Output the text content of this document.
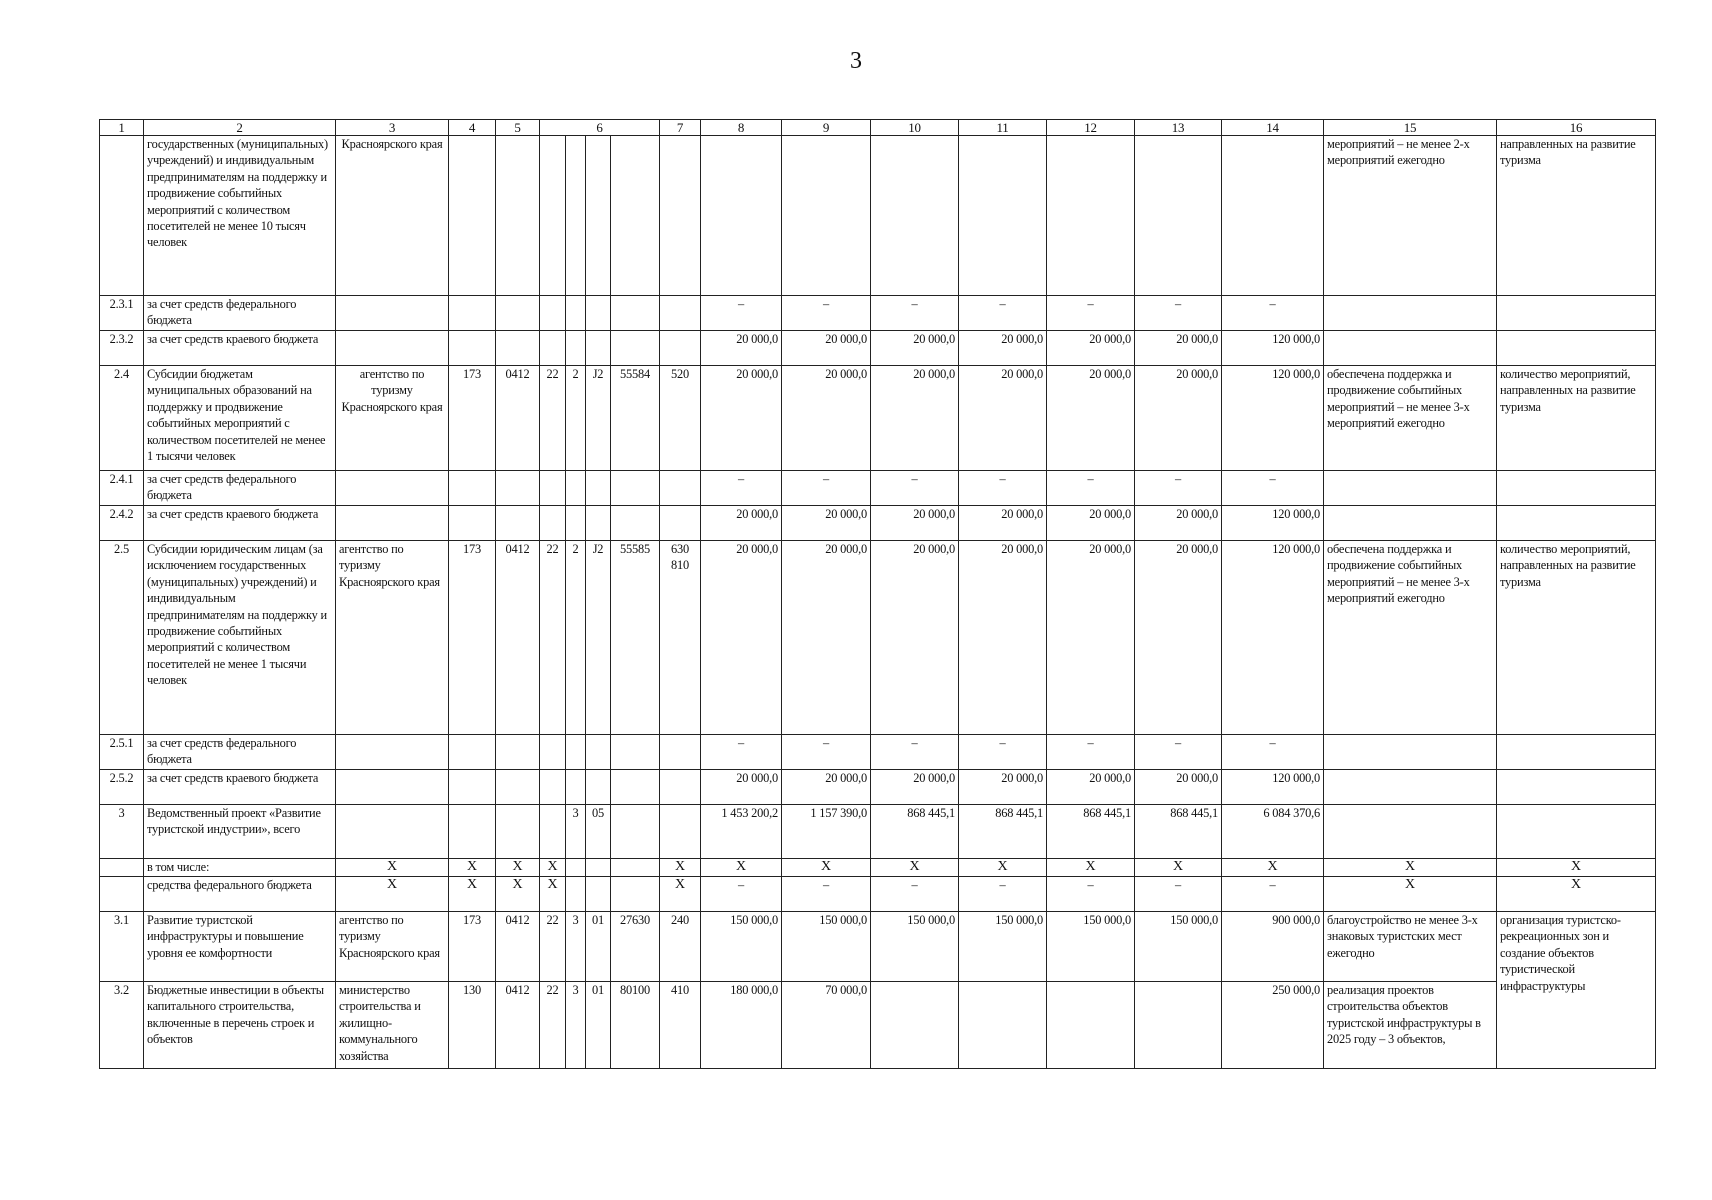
3
1	2	3	4	5	6				7	8	9	10	11	12	13	14	15	16
	государственных (муниципальных) учреждений) и индивидуальным предпринимателям на поддержку и продвижение событийных мероприятий с количеством посетителей не менее 10 тысяч человек	Красноярского края															мероприятий – не менее 2-х мероприятий ежегодно	направленных на развитие туризма
2.3.1	за счет средств федерального бюджета									–	–	–	–	–	–	–		
2.3.2	за счет средств краевого бюджета									20 000,0	20 000,0	20 000,0	20 000,0	20 000,0	20 000,0	120 000,0		
2.4	Субсидии бюджетам муниципальных образований на поддержку и продвижение событийных мероприятий с количеством посетителей не менее 1 тысячи человек	агентство по туризму Красноярского края	173	0412	22	2	J2	55584	520	20 000,0	20 000,0	20 000,0	20 000,0	20 000,0	20 000,0	120 000,0	обеспечена поддержка и продвижение событийных мероприятий – не менее 3-х мероприятий ежегодно	количество мероприятий, направленных на развитие туризма
2.4.1	за счет средств федерального бюджета									–	–	–	–	–	–	–		
2.4.2	за счет средств краевого бюджета									20 000,0	20 000,0	20 000,0	20 000,0	20 000,0	20 000,0	120 000,0		
2.5	Субсидии юридическим лицам (за исключением государственных (муниципальных) учреждений) и индивидуальным предпринимателям на поддержку и продвижение событийных мероприятий с количеством посетителей не менее 1 тысячи человек	агентство по туризму Красноярского края	173	0412	22	2	J2	55585	630 810	20 000,0	20 000,0	20 000,0	20 000,0	20 000,0	20 000,0	120 000,0	обеспечена поддержка и продвижение событийных мероприятий – не менее 3-х мероприятий ежегодно	количество мероприятий, направленных на развитие туризма
2.5.1	за счет средств федерального бюджета									–	–	–	–	–	–	–		
2.5.2	за счет средств краевого бюджета									20 000,0	20 000,0	20 000,0	20 000,0	20 000,0	20 000,0	120 000,0		
3	Ведомственный проект «Развитие туристской индустрии», всего					3	05			1 453 200,2	1 157 390,0	868 445,1	868 445,1	868 445,1	868 445,1	6 084 370,6		
	в том числе:	X	X	X	X				X	X	X	X	X	X	X	X	X	X
	средства федерального бюджета	X	X	X	X				X	–	–	–	–	–	–	–	X	X
3.1	Развитие туристской инфраструктуры и повышение уровня ее комфортности	агентство по туризму Красноярского края	173	0412	22	3	01	27630	240	150 000,0	150 000,0	150 000,0	150 000,0	150 000,0	150 000,0	900 000,0	благоустройство не менее 3-х знаковых туристских мест ежегодно	организация туристско-рекреационных зон и создание объектов туристической инфраструктуры
3.2	Бюджетные инвестиции в объекты капитального строительства, включенные в перечень строек и объектов	министерство строительства и жилищно-коммунального хозяйства	130	0412	22	3	01	80100	410	180 000,0	70 000,0					250 000,0	реализация проектов строительства объектов туристской инфраструктуры в 2025 году – 3 объектов,	
